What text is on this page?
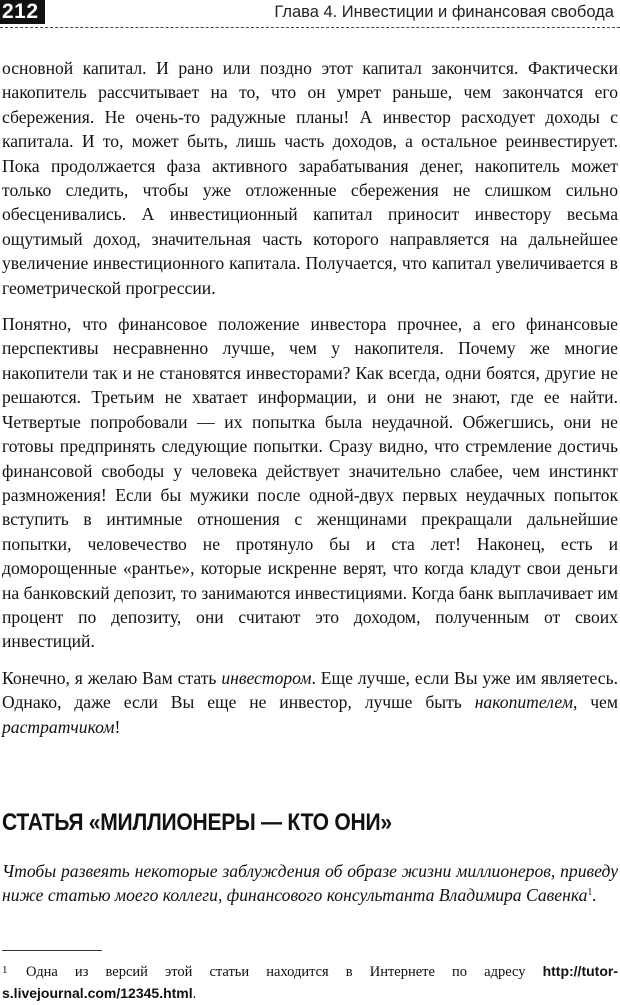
212	Глава 4. Инвестиции и финансовая свобода

основной капитал. И рано или поздно этот капитал закончится. Фактически накопитель рассчитывает на то, что он умрет раньше, чем закончатся его сбережения. Не очень-то радужные планы! А инвестор расходует доходы с капитала. И то, может быть, лишь часть доходов, а остальное реинвестирует. Пока продолжается фаза активного зарабатывания денег, накопитель может только следить, чтобы уже отложенные сбережения не слишком сильно обесценивались. А инвестиционный капитал приносит инвестору весьма ощутимый доход, значительная часть которого направляется на дальнейшее увеличение инвестиционного капитала. Получается, что капитал увеличивается в геометрической прогрессии.

Понятно, что финансовое положение инвестора прочнее, а его финансовые перспективы несравненно лучше, чем у накопителя. Почему же многие накопители так и не становятся инвесторами? Как всегда, одни боятся, другие не решаются. Третьим не хватает информации, и они не знают, где ее найти. Четвертые попробовали — их попытка была неудачной. Обжегшись, они не готовы предпринять следующие попытки. Сразу видно, что стремление достичь финансовой свободы у человека действует значительно слабее, чем инстинкт размножения! Если бы мужики после одной-двух первых неудачных попыток вступить в интимные отношения с женщинами прекращали дальнейшие попытки, человечество не протянуло бы и ста лет! Наконец, есть и доморощенные «рантье», которые искренне верят, что когда кладут свои деньги на банковский депозит, то занимаются инвестициями. Когда банк выплачивает им процент по депозиту, они считают это доходом, полученным от своих инвестиций.

Конечно, я желаю Вам стать инвестором. Еще лучше, если Вы уже им являетесь. Однако, даже если Вы еще не инвестор, лучше быть накопителем, чем растратчиком!

СТАТЬЯ «МИЛЛИОНЕРЫ — КТО ОНИ»

Чтобы развеять некоторые заблуждения об образе жизни миллионеров, приведу ниже статью моего коллеги, финансового консультанта Владимира Савенка$^1$.

1 Одна из версий этой статьи находится в Интернете по адресу http://tutor-s.livejournal.com/12345.html.
